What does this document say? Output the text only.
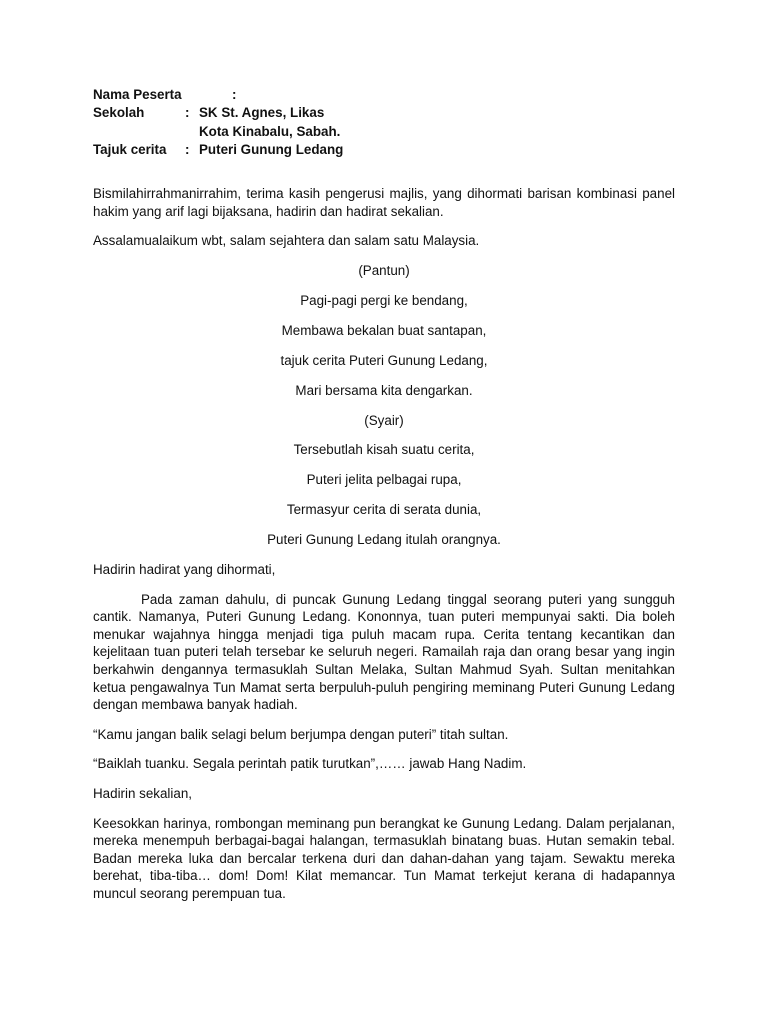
Nama Peserta	:
Sekolah	: SK St. Agnes, Likas
Kota Kinabalu, Sabah.
Tajuk cerita	: Puteri Gunung Ledang

Bismilahirrahmanirrahim, terima kasih pengerusi majlis, yang dihormati barisan kombinasi panel hakim yang arif lagi bijaksana, hadirin dan hadirat sekalian.

Assalamualaikum wbt, salam sejahtera dan salam satu Malaysia.

(Pantun)
Pagi-pagi pergi ke bendang,
Membawa bekalan buat santapan,
tajuk cerita Puteri Gunung Ledang,
Mari bersama kita dengarkan.
(Syair)
Tersebutlah kisah suatu cerita,
Puteri jelita pelbagai rupa,
Termasyur cerita di serata dunia,
Puteri Gunung Ledang itulah orangnya.

Hadirin hadirat yang dihormati,

Pada zaman dahulu, di puncak Gunung Ledang tinggal seorang puteri yang sungguh cantik. Namanya, Puteri Gunung Ledang. Kononnya, tuan puteri mempunyai sakti. Dia boleh menukar wajahnya hingga menjadi tiga puluh macam rupa. Cerita tentang kecantikan dan kejelitaan tuan puteri telah tersebar ke seluruh negeri. Ramailah raja dan orang besar yang ingin berkahwin dengannya termasuklah Sultan Melaka, Sultan Mahmud Syah. Sultan menitahkan ketua pengawalnya Tun Mamat serta berpuluh-puluh pengiring meminang Puteri Gunung Ledang dengan membawa banyak hadiah.

“Kamu jangan balik selagi belum berjumpa dengan puteri” titah sultan.

“Baiklah tuanku. Segala perintah patik turutkan”,…… jawab Hang Nadim.

Hadirin sekalian,

Keesokkan harinya, rombongan meminang pun berangkat ke Gunung Ledang. Dalam perjalanan, mereka menempuh berbagai-bagai halangan, termasuklah binatang buas. Hutan semakin tebal. Badan mereka luka dan bercalar terkena duri dan dahan-dahan yang tajam. Sewaktu mereka berehat, tiba-tiba… dom! Dom! Kilat memancar. Tun Mamat terkejut kerana di hadapannya muncul seorang perempuan tua.
